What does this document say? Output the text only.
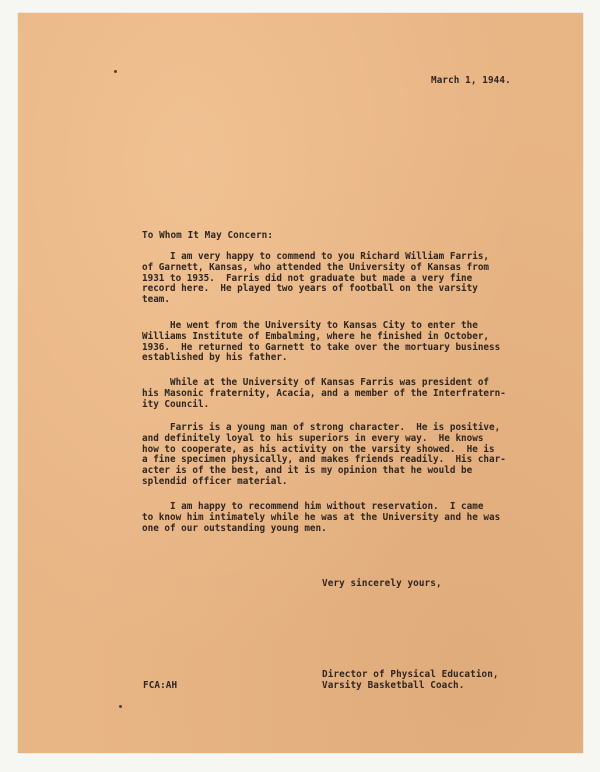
March 1, 1944.
To Whom It May Concern:
I am very happy to commend to you Richard William Farris,
of Garnett, Kansas, who attended the University of Kansas from
1931 to 1935.  Farris did not graduate but made a very fine
record here.  He played two years of football on the varsity
team.
He went from the University to Kansas City to enter the
Williams Institute of Embalming, where he finished in October,
1936.  He returned to Garnett to take over the mortuary business
established by his father.
While at the University of Kansas Farris was president of
his Masonic fraternity, Acacia, and a member of the Interfratern-
ity Council.
Farris is a young man of strong character.  He is positive,
and definitely loyal to his superiors in every way.  He knows
how to cooperate, as his activity on the varsity showed.  He is
a fine specimen physically, and makes friends readily.  His char-
acter is of the best, and it is my opinion that he would be
splendid officer material.
I am happy to recommend him without reservation.  I came
to know him intimately while he was at the University and he was
one of our outstanding young men.
Very sincerely yours,
Director of Physical Education,
Varsity Basketball Coach.
FCA:AH
